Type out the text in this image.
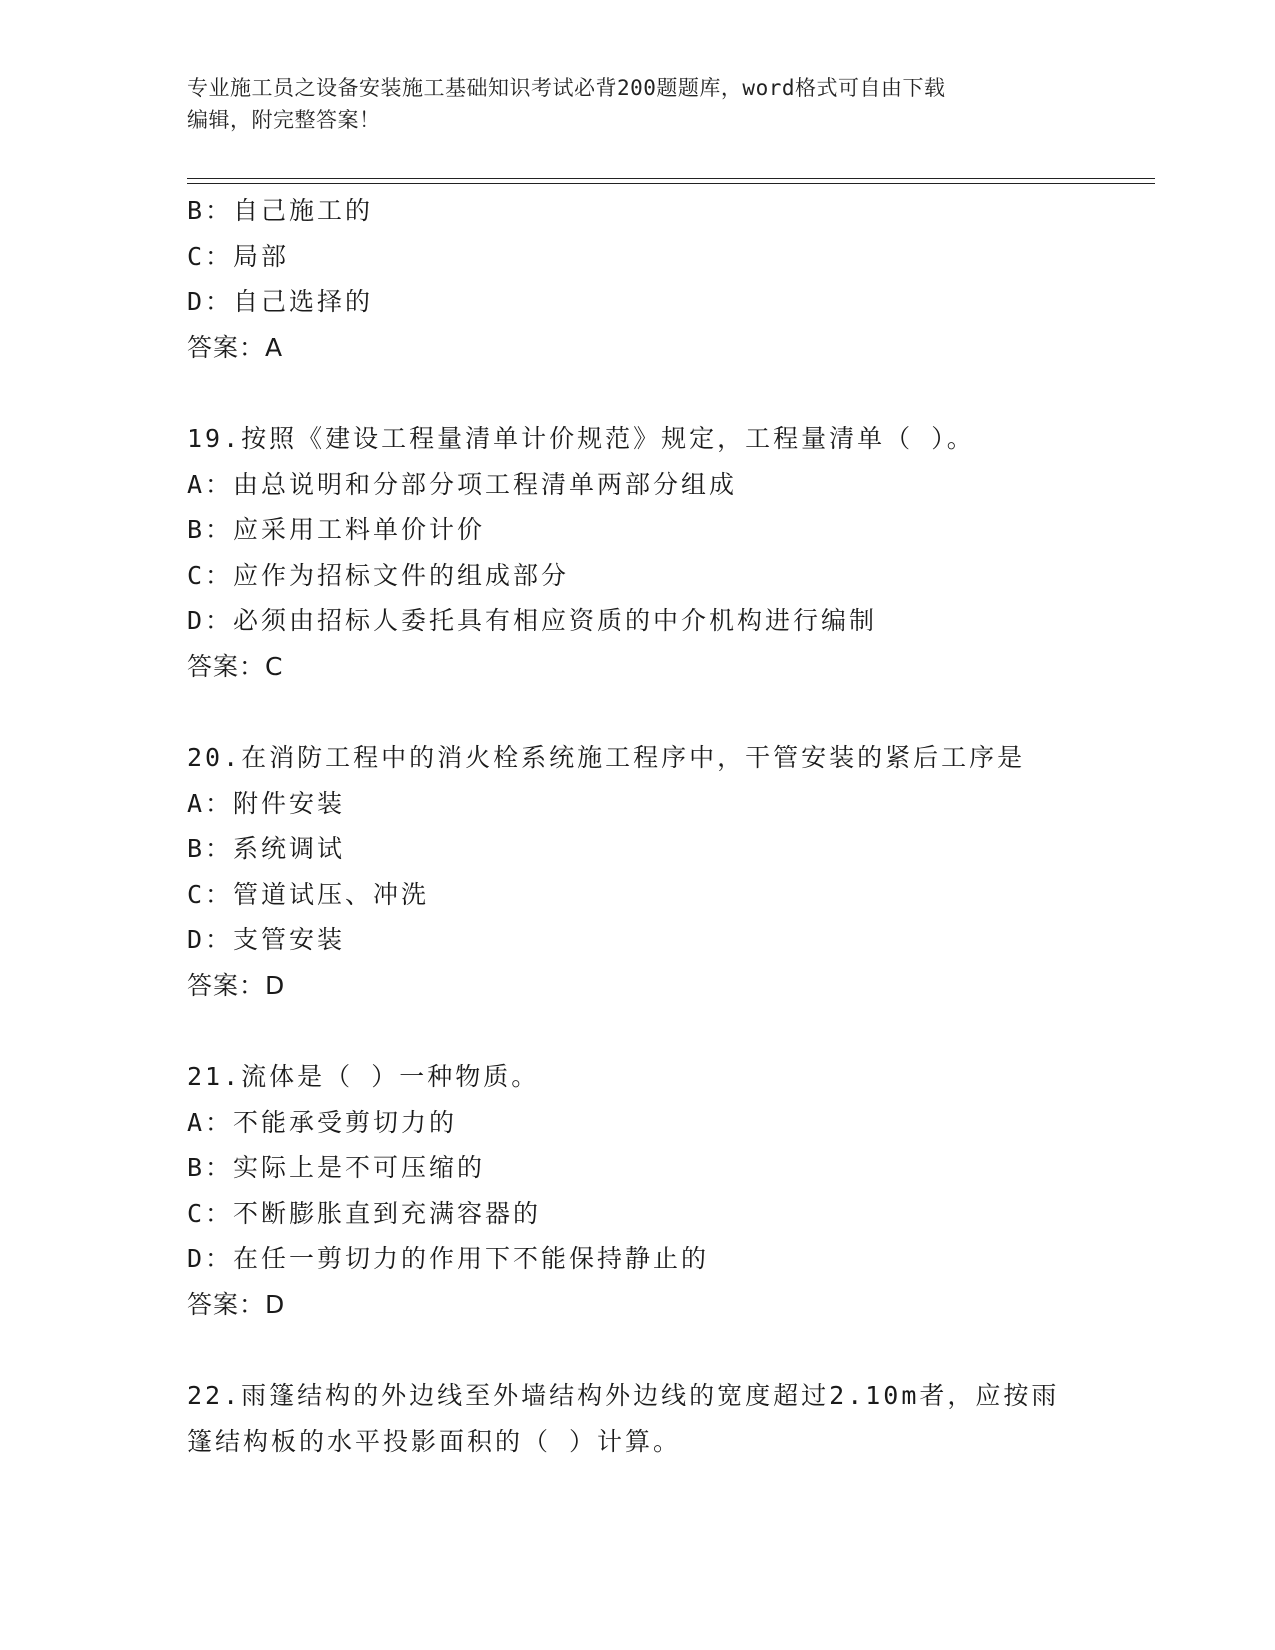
专业施工员之设备安装施工基础知识考试必背200题题库，word格式可自由下载
编辑，附完整答案！
B：自己施工的
C：局部
D：自己选择的
答案：A
19.按照《建设工程量清单计价规范》规定，工程量清单（ ）。
A：由总说明和分部分项工程清单两部分组成
B：应采用工料单价计价
C：应作为招标文件的组成部分
D：必须由招标人委托具有相应资质的中介机构进行编制
答案：C
20.在消防工程中的消火栓系统施工程序中，干管安装的紧后工序是
A：附件安装
B：系统调试
C：管道试压、冲洗
D：支管安装
答案：D
21.流体是（ ）一种物质。
A：不能承受剪切力的
B：实际上是不可压缩的
C：不断膨胀直到充满容器的
D：在任一剪切力的作用下不能保持静止的
答案：D
22.雨篷结构的外边线至外墙结构外边线的宽度超过2.10m者，应按雨
篷结构板的水平投影面积的（ ）计算。
